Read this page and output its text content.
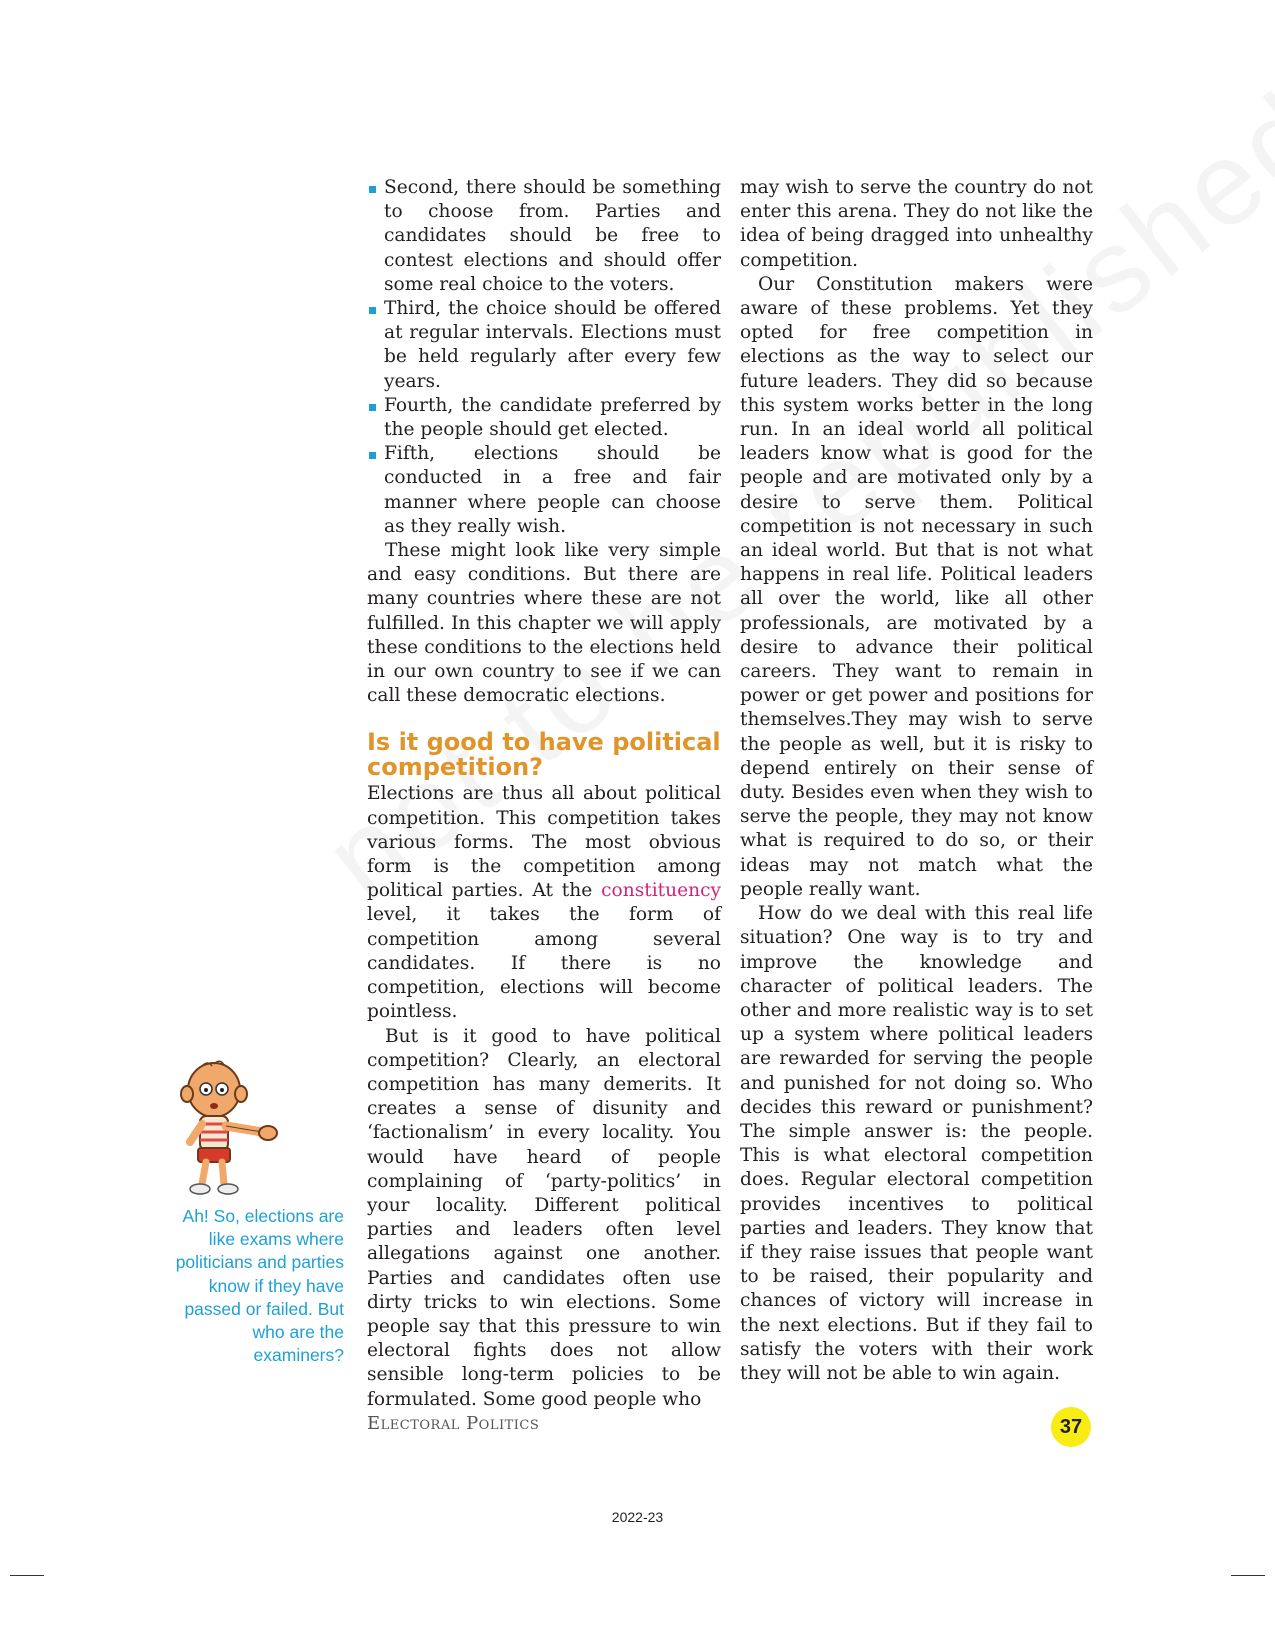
Second, there should be something to choose from. Parties and candidates should be free to contest elections and should offer some real choice to the voters.

Third, the choice should be offered at regular intervals. Elections must be held regularly after every few years.

Fourth, the candidate preferred by the people should get elected.

Fifth, elections should be conducted in a free and fair manner where people can choose as they really wish.

These might look like very simple and easy conditions. But there are many countries where these are not fulfilled. In this chapter we will apply these conditions to the elections held in our own country to see if we can call these democratic elections.

Is it good to have political competition?

Elections are thus all about political competition. This competition takes various forms. The most obvious form is the competition among political parties. At the constituency level, it takes the form of competition among several candidates. If there is no competition, elections will become pointless.

But is it good to have political competition? Clearly, an electoral competition has many demerits. It creates a sense of disunity and ‘factionalism’ in every locality. You would have heard of people complaining of ‘party-politics’ in your locality. Different political parties and leaders often level allegations against one another. Parties and candidates often use dirty tricks to win elections. Some people say that this pressure to win electoral fights does not allow sensible long-term policies to be formulated. Some good people who

may wish to serve the country do not enter this arena. They do not like the idea of being dragged into unhealthy competition.

Our Constitution makers were aware of these problems. Yet they opted for free competition in elections as the way to select our future leaders. They did so because this system works better in the long run. In an ideal world all political leaders know what is good for the people and are motivated only by a desire to serve them. Political competition is not necessary in such an ideal world. But that is not what happens in real life. Political leaders all over the world, like all other professionals, are motivated by a desire to advance their political careers. They want to remain in power or get power and positions for themselves.They may wish to serve the people as well, but it is risky to depend entirely on their sense of duty. Besides even when they wish to serve the people, they may not know what is required to do so, or their ideas may not match what the people really want.

How do we deal with this real life situation? One way is to try and improve the knowledge and character of political leaders. The other and more realistic way is to set up a system where political leaders are rewarded for serving the people and punished for not doing so. Who decides this reward or punishment? The simple answer is: the people. This is what electoral competition does. Regular electoral competition provides incentives to political parties and leaders. They know that if they raise issues that people want to be raised, their popularity and chances of victory will increase in the next elections. But if they fail to satisfy the voters with their work they will not be able to win again.

Ah! So, elections are like exams where politicians and parties know if they have passed or failed. But who are the examiners?
Electoral Politics	37
2022-23
